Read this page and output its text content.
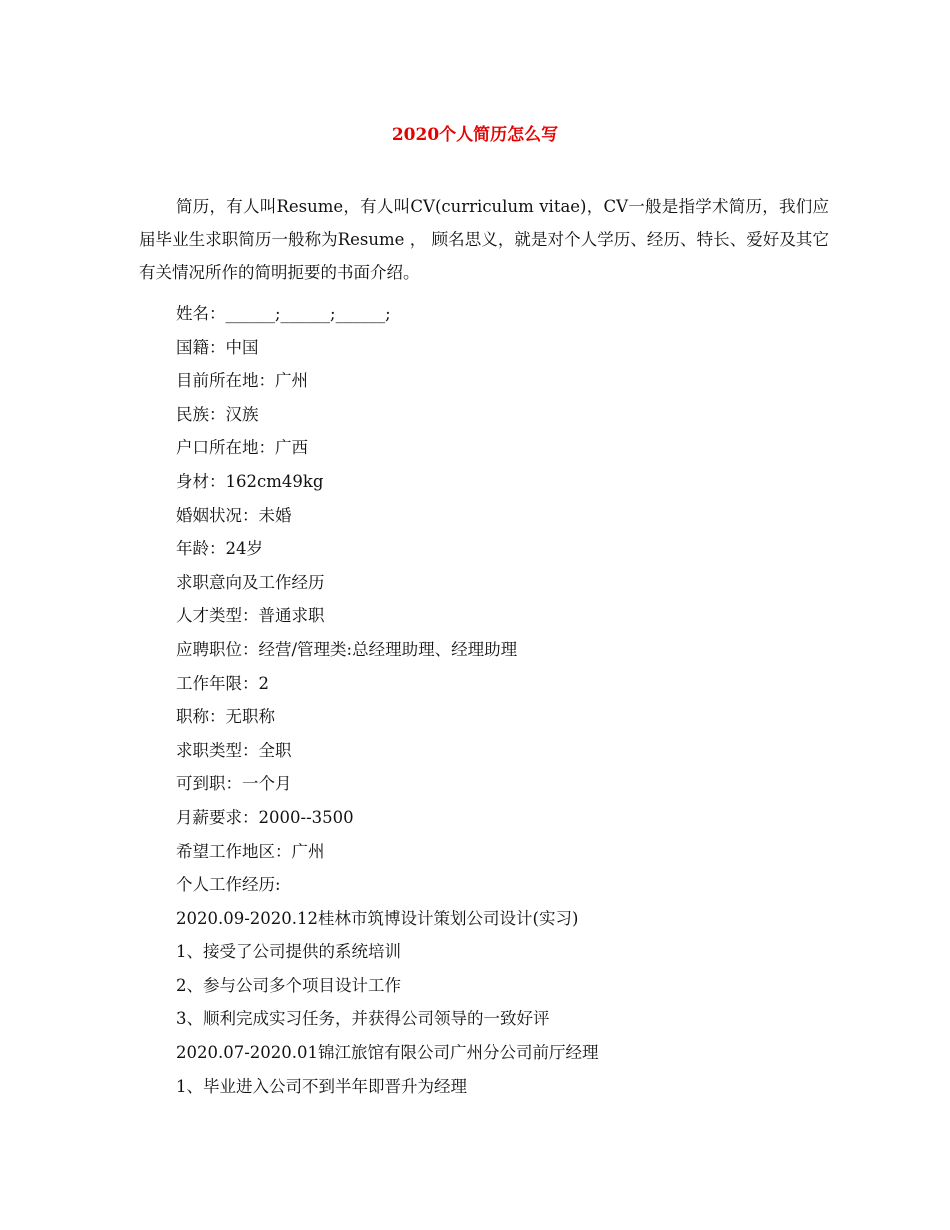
2020个人简历怎么写
简历，有人叫Resume，有人叫CV(curriculum vitae)，CV一般是指学术简历，我们应届毕业生求职简历一般称为Resume ， 顾名思义，就是对个人学历、经历、特长、爱好及其它有关情况所作的简明扼要的书面介绍。
姓名：______;______;______;
国籍：中国
目前所在地：广州
民族：汉族
户口所在地：广西
身材：162cm49kg
婚姻状况：未婚
年龄：24岁
求职意向及工作经历
人才类型：普通求职
应聘职位：经营/管理类:总经理助理、经理助理
工作年限：2
职称：无职称
求职类型：全职
可到职：一个月
月薪要求：2000--3500
希望工作地区：广州
个人工作经历:
2020.09-2020.12桂林市筑博设计策划公司设计(实习)
1、接受了公司提供的系统培训
2、参与公司多个项目设计工作
3、顺利完成实习任务，并获得公司领导的一致好评
2020.07-2020.01锦江旅馆有限公司广州分公司前厅经理
1、毕业进入公司不到半年即晋升为经理
